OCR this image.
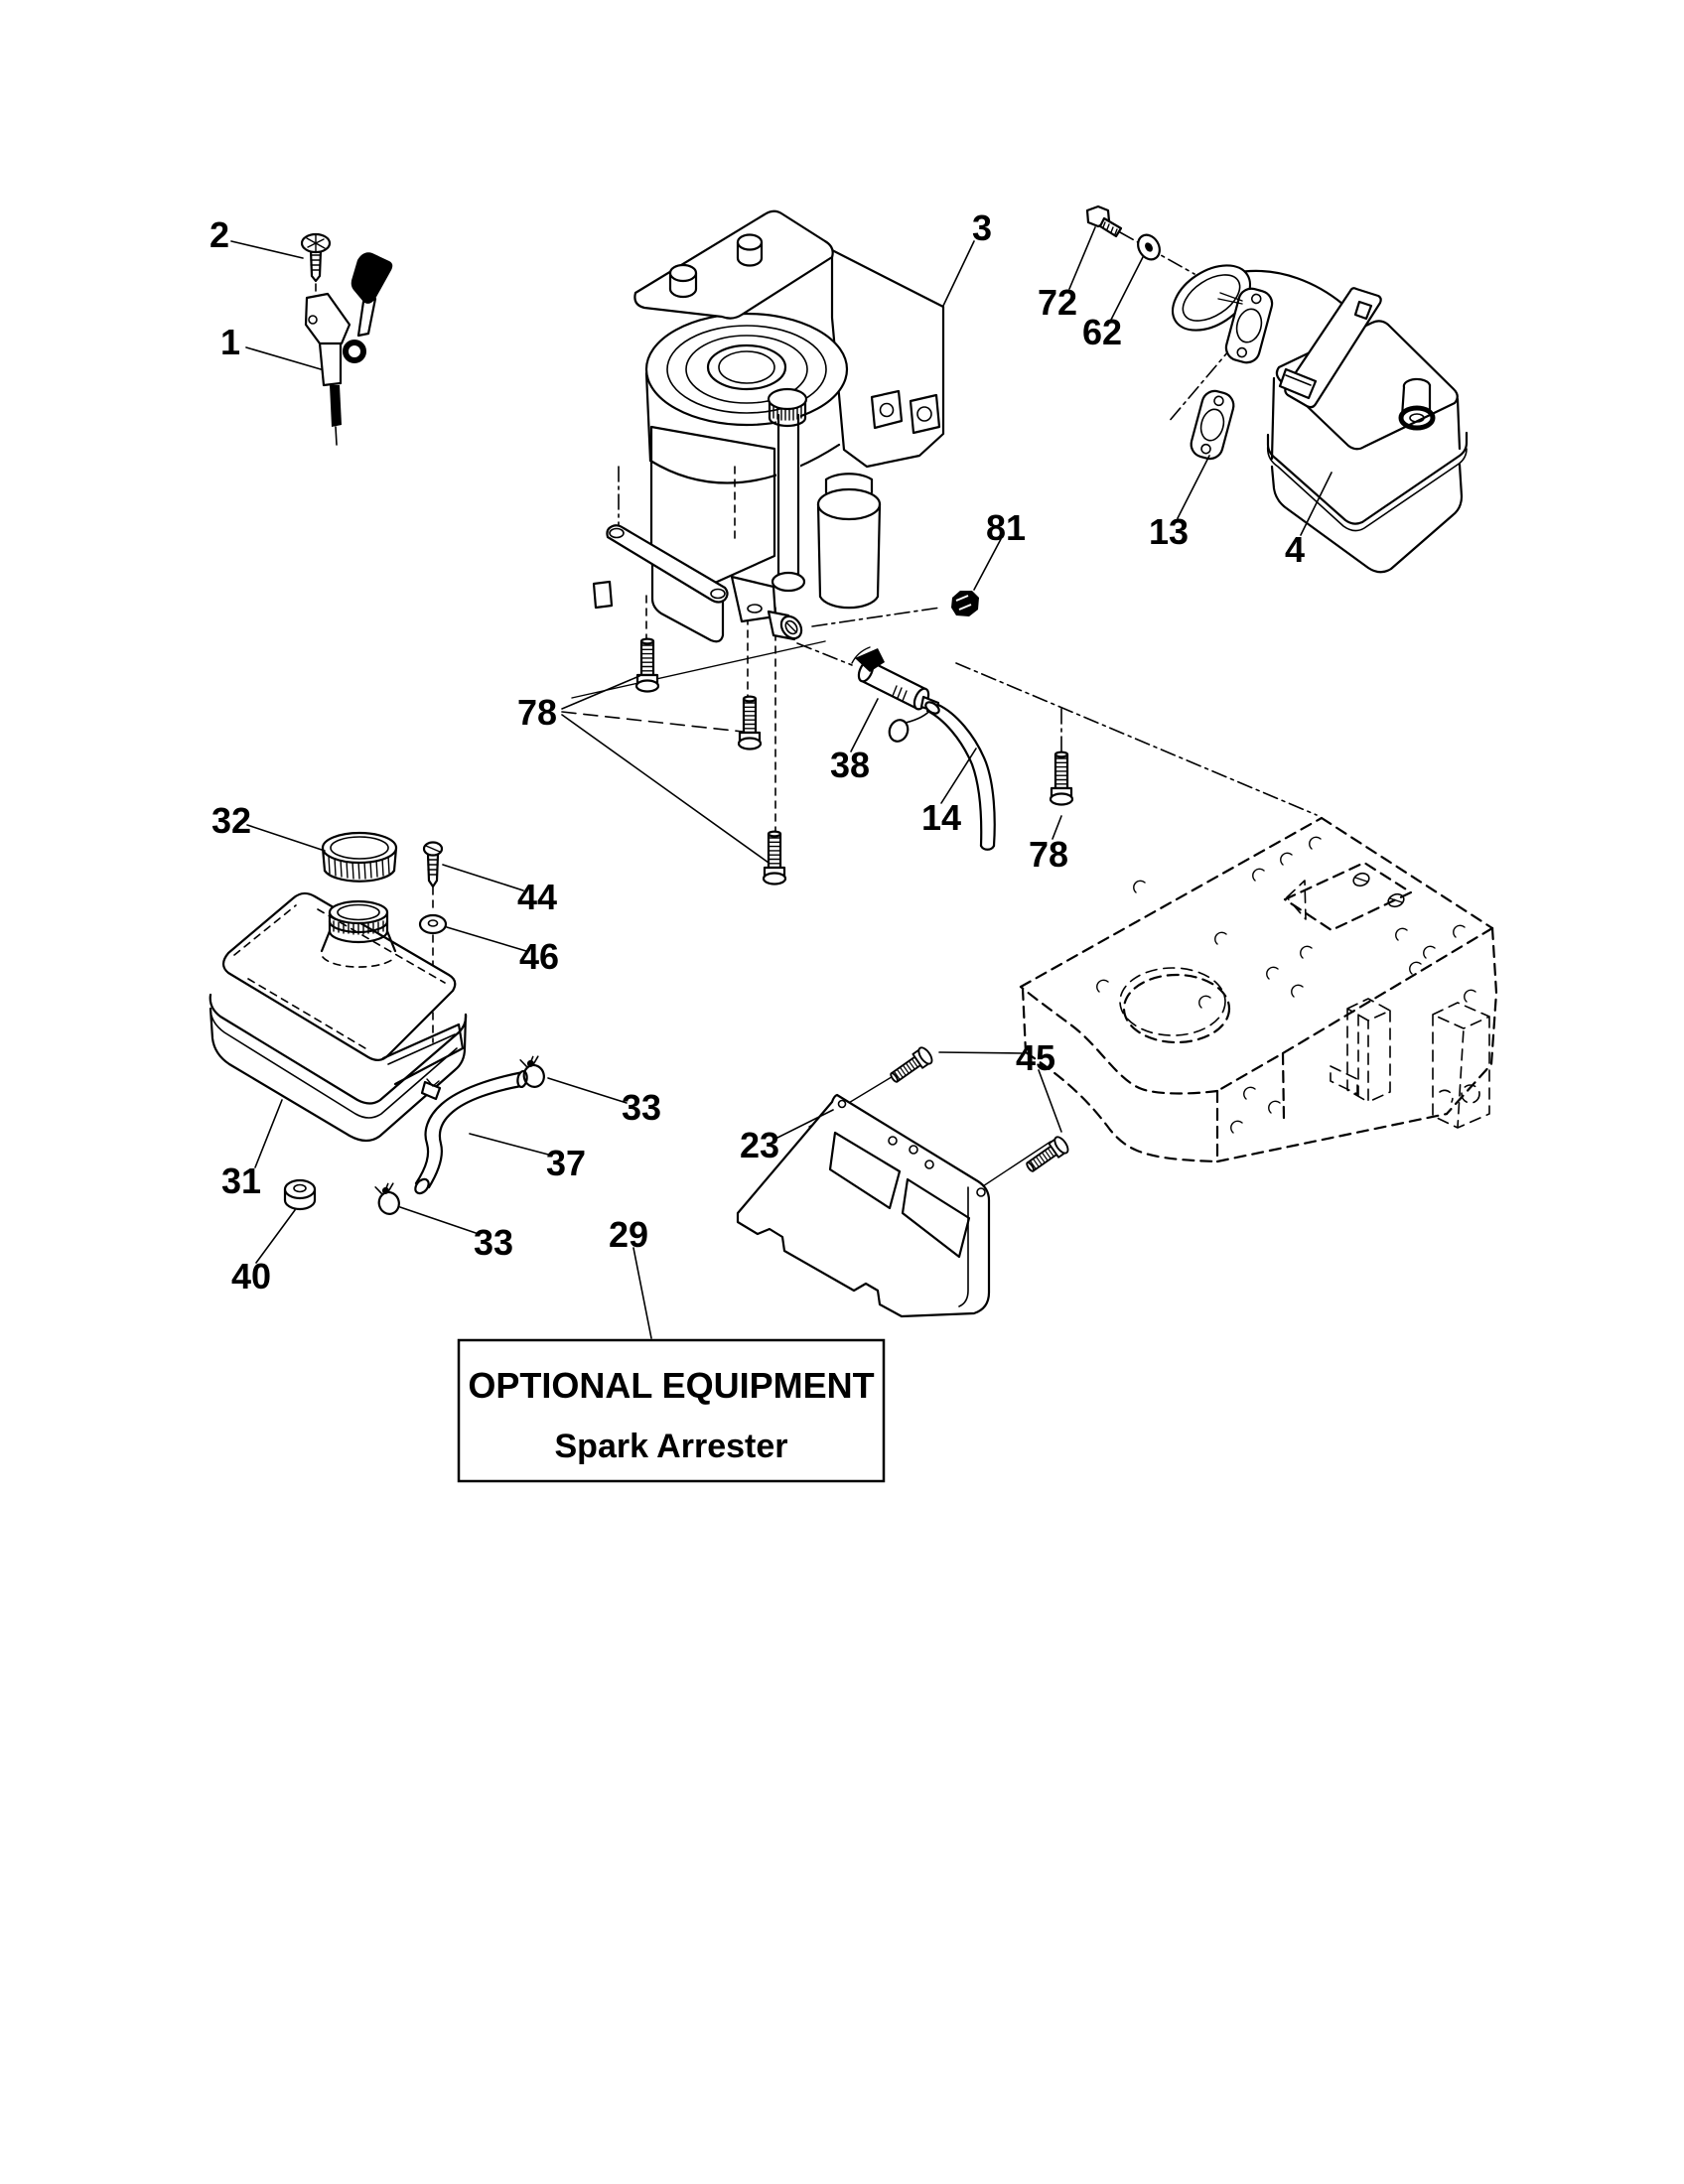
OPTIONAL EQUIPMENT
Spark Arrester
2
1
3
72
62
13	4
81
78
38
14
78
32
44
46
31	37
33
33
40
29
23
45
